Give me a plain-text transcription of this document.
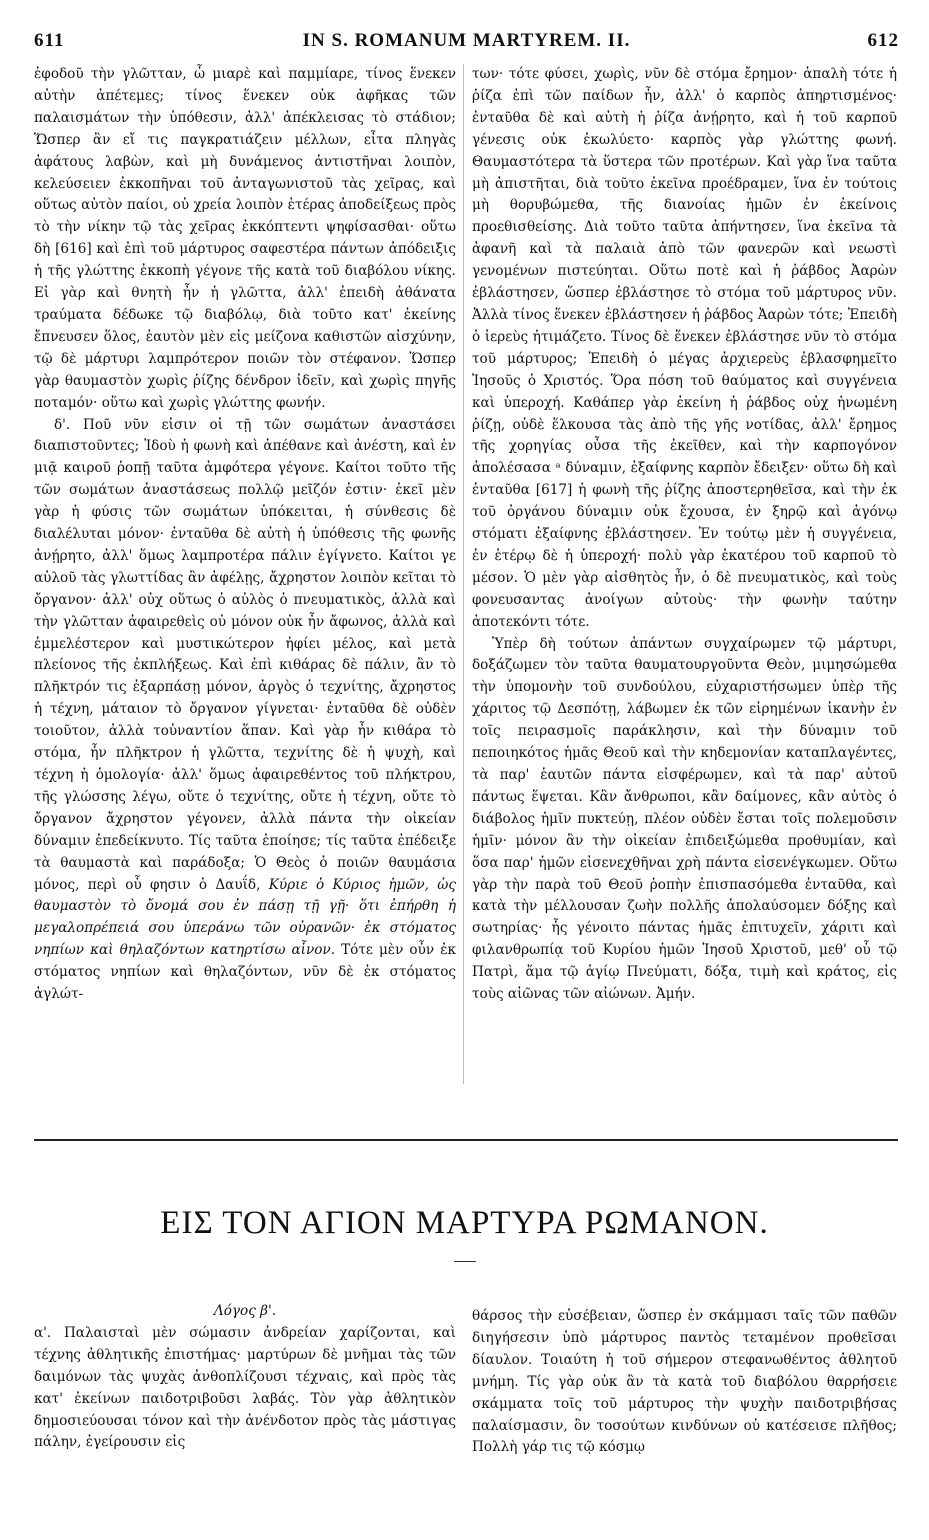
611	IN S. ROMANUM MARTYREM. II.	612

ἐφοδοῦ τὴν γλῶτταν, ὦ μιαρὲ καὶ παμμίαρε, τίνος ἕνεκεν αὐτὴν ἀπέτεμες; τίνος ἕνεκεν οὐκ ἀφῆκας τῶν παλαισμάτων τὴν ὑπόθεσιν, ἀλλ' ἀπέκλεισας τὸ στάδιον; Ὥσπερ ἂν εἴ τις παγκρατιάζειν μέλλων, εἶτα πληγὰς ἀφάτους λαβὼν, καὶ μὴ δυνάμενος ἀντιστῆναι λοιπὸν, κελεύσειεν ἐκκοπῆναι τοῦ ἀνταγωνιστοῦ τὰς χεῖρας, καὶ οὕτως αὐτὸν παίοι, οὐ χρεία λοιπὸν ἑτέρας ἀποδείξεως πρὸς τὸ τὴν νίκην τῷ τὰς χεῖρας ἐκκόπτεντι ψηφίσασθαι· οὕτω δὴ [616] καὶ ἐπὶ τοῦ μάρτυρος σαφεστέρα πάντων ἀπόδειξις ἡ τῆς γλώττης ἐκκοπὴ γέγονε τῆς κατὰ τοῦ διαβόλου νίκης. Εἰ γὰρ καὶ θνητὴ ἦν ἡ γλῶττα, ἀλλ' ἐπειδὴ ἀθάνατα τραύματα δέδωκε τῷ διαβόλῳ, διὰ τοῦτο κατ' ἐκείνης ἔπνευσεν ὅλος, ἑαυτὸν μὲν εἰς μείζονα καθιστῶν αἰσχύνην, τῷ δὲ μάρτυρι λαμπρότερον ποιῶν τὸν στέφανον. Ὥσπερ γὰρ θαυμαστὸν χωρὶς ῥίζης δένδρον ἰδεῖν, καὶ χωρὶς πηγῆς ποταμόν· οὕτω καὶ χωρὶς γλώττης φωνήν.

δ'. Ποῦ νῦν εἰσιν οἱ τῇ τῶν σωμάτων ἀναστάσει διαπιστοῦντες; Ἰδοὺ ἡ φωνὴ καὶ ἀπέθανε καὶ ἀνέστη, καὶ ἐν μιᾷ καιροῦ ῥοπῇ ταῦτα ἀμφότερα γέγονε. Καίτοι τοῦτο τῆς τῶν σωμάτων ἀναστάσεως πολλῷ μεῖζόν ἐστιν· ἐκεῖ μὲν γὰρ ἡ φύσις τῶν σωμάτων ὑπόκειται, ἡ σύνθεσις δὲ διαλέλυται μόνον· ἐνταῦθα δὲ αὐτὴ ἡ ὑπόθεσις τῆς φωνῆς ἀνῄρητο, ἀλλ' ὅμως λαμπροτέρα πάλιν ἐγίγνετο. Καίτοι γε αὐλοῦ τὰς γλωττίδας ἂν ἀφέλῃς, ἄχρηστον λοιπὸν κεῖται τὸ ὄργανον· ἀλλ' οὐχ οὕτως ὁ αὐλὸς ὁ πνευματικὸς, ἀλλὰ καὶ τὴν γλῶτταν ἀφαιρεθεὶς οὐ μόνον οὐκ ἦν ἄφωνος, ἀλλὰ καὶ ἐμμελέστερον καὶ μυστικώτερον ἠφίει μέλος, καὶ μετὰ πλείονος τῆς ἐκπλήξεως. Καὶ ἐπὶ κιθάρας δὲ πάλιν, ἂν τὸ πλῆκτρόν τις ἐξαρπάσῃ μόνον, ἀργὸς ὁ τεχνίτης, ἄχρηστος ἡ τέχνη, μάταιον τὸ ὄργανον γίγνεται· ἐνταῦθα δὲ οὐδὲν τοιοῦτον, ἀλλὰ τοὐναντίον ἅπαν. Καὶ γὰρ ἦν κιθάρα τὸ στόμα, ἦν πλῆκτρον ἡ γλῶττα, τεχνίτης δὲ ἡ ψυχὴ, καὶ τέχνη ἡ ὁμολογία· ἀλλ' ὅμως ἀφαιρεθέντος τοῦ πλήκτρου, τῆς γλώσσης λέγω, οὔτε ὁ τεχνίτης, οὔτε ἡ τέχνη, οὔτε τὸ ὄργανον ἄχρηστον γέγονεν, ἀλλὰ πάντα τὴν οἰκείαν δύναμιν ἐπεδείκνυτο. Τίς ταῦτα ἐποίησε; τίς ταῦτα ἐπέδειξε τὰ θαυμαστὰ καὶ παράδοξα; Ὁ Θεὸς ὁ ποιῶν θαυμάσια μόνος, περὶ οὗ φησιν ὁ Δαυΐδ, Κύριε ὁ Κύριος ἡμῶν, ὡς θαυμαστὸν τὸ ὄνομά σου ἐν πάσῃ τῇ γῇ· ὅτι ἐπήρθη ἡ μεγαλοπρέπειά σου ὑπεράνω τῶν οὐρανῶν· ἐκ στόματος νηπίων καὶ θηλαζόντων κατηρτίσω αἶνον. Τότε μὲν οὖν ἐκ στόματος νηπίων καὶ θηλαζόντων, νῦν δὲ ἐκ στόματος ἀγλώτ-

των· τότε φύσει, χωρὶς, νῦν δὲ στόμα ἔρημον· ἁπαλὴ τότε ἡ ῥίζα ἐπὶ τῶν παίδων ἦν, ἀλλ' ὁ καρπὸς ἀπηρτισμένος· ἐνταῦθα δὲ καὶ αὐτὴ ἡ ῥίζα ἀνῄρητο, καὶ ἡ τοῦ καρποῦ γένεσις οὐκ ἐκωλύετο· καρπὸς γὰρ γλώττης φωνή. Θαυμαστότερα τὰ ὕστερα τῶν προτέρων. Καὶ γὰρ ἵνα ταῦτα μὴ ἀπιστῆται, διὰ τοῦτο ἐκεῖνα προέδραμεν, ἵνα ἐν τούτοις μὴ θορυβώμεθα, τῆς διανοίας ἡμῶν ἐν ἐκείνοις προεθισθείσης. Διὰ τοῦτο ταῦτα ἀπήντησεν, ἵνα ἐκεῖνα τὰ ἀφανῆ καὶ τὰ παλαιὰ ἀπὸ τῶν φανερῶν καὶ νεωστὶ γενομένων πιστεύηται. Οὕτω ποτὲ καὶ ἡ ῥάβδος Ἀαρὼν ἐβλάστησεν, ὥσπερ ἐβλάστησε τὸ στόμα τοῦ μάρτυρος νῦν. Ἀλλὰ τίνος ἕνεκεν ἐβλάστησεν ἡ ῥάβδος Ἀαρὼν τότε; Ἐπειδὴ ὁ ἱερεὺς ἠτιμάζετο. Τίνος δὲ ἕνεκεν ἐβλάστησε νῦν τὸ στόμα τοῦ μάρτυρος; Ἐπειδὴ ὁ μέγας ἀρχιερεὺς ἐβλασφημεῖτο Ἰησοῦς ὁ Χριστός. Ὅρα πόση τοῦ θαύματος καὶ συγγένεια καὶ ὑπεροχή. Καθάπερ γὰρ ἐκείνη ἡ ῥάβδος οὐχ ἡνωμένη ῥίζῃ, οὐδὲ ἕλκουσα τὰς ἀπὸ τῆς γῆς νοτίδας, ἀλλ' ἔρημος τῆς χορηγίας οὖσα τῆς ἐκεῖθεν, καὶ τὴν καρπογόνον ἀπολέσασα ᵃ δύναμιν, ἐξαίφνης καρπὸν ἔδειξεν· οὕτω δὴ καὶ ἐνταῦθα [617] ἡ φωνὴ τῆς ῥίζης ἀποστερηθεῖσα, καὶ τὴν ἐκ τοῦ ὀργάνου δύναμιν οὐκ ἔχουσα, ἐν ξηρῷ καὶ ἀγόνῳ στόματι ἐξαίφνης ἐβλάστησεν. Ἐν τούτῳ μὲν ἡ συγγένεια, ἐν ἑτέρῳ δὲ ἡ ὑπεροχή· πολὺ γὰρ ἑκατέρου τοῦ καρποῦ τὸ μέσον. Ὁ μὲν γὰρ αἰσθητὸς ἦν, ὁ δὲ πνευματικὸς, καὶ τοὺς φονευσαντας ἀνοίγων αὐτοὺς· τὴν φωνὴν ταύτην ἀποτεκόντι τότε.

Ὑπὲρ δὴ τούτων ἁπάντων συγχαίρωμεν τῷ μάρτυρι, δοξάζωμεν τὸν ταῦτα θαυματουργοῦντα Θεὸν, μιμησώμεθα τὴν ὑπομονὴν τοῦ συνδούλου, εὐχαριστήσωμεν ὑπὲρ τῆς χάριτος τῷ Δεσπότῃ, λάβωμεν ἐκ τῶν εἰρημένων ἱκανὴν ἐν τοῖς πειρασμοῖς παράκλησιν, καὶ τὴν δύναμιν τοῦ πεποιηκότος ἡμᾶς Θεοῦ καὶ τὴν κηδεμονίαν καταπλαγέντες, τὰ παρ' ἑαυτῶν πάντα εἰσφέρωμεν, καὶ τὰ παρ' αὐτοῦ πάντως ἕψεται. Κἂν ἄνθρωποι, κἂν δαίμονες, κἂν αὐτὸς ὁ διάβολος ἡμῖν πυκτεύῃ, πλέον οὐδὲν ἔσται τοῖς πολεμοῦσιν ἡμῖν· μόνον ἂν τὴν οἰκείαν ἐπιδειξώμεθα προθυμίαν, καὶ ὅσα παρ' ἡμῶν εἰσενεχθῆναι χρὴ πάντα εἰσενέγκωμεν. Οὕτω γὰρ τὴν παρὰ τοῦ Θεοῦ ῥοπὴν ἐπισπασόμεθα ἐνταῦθα, καὶ κατὰ τὴν μέλλουσαν ζωὴν πολλῆς ἀπολαύσομεν δόξης καὶ σωτηρίας· ἧς γένοιτο πάντας ἡμᾶς ἐπιτυχεῖν, χάριτι καὶ φιλανθρωπίᾳ τοῦ Κυρίου ἡμῶν Ἰησοῦ Χριστοῦ, μεθ' οὗ τῷ Πατρὶ, ἅμα τῷ ἁγίῳ Πνεύματι, δόξα, τιμὴ καὶ κράτος, εἰς τοὺς αἰῶνας τῶν αἰώνων. Ἀμήν.

ΕΙΣ ΤΟΝ ΑΓΙΟΝ ΜΑΡΤΥΡΑ ΡΩΜΑΝΟΝ.

Λόγος β'.

α'. Παλαισταὶ μὲν σώμασιν ἀνδρείαν χαρίζονται, καὶ τέχνης ἀθλητικῆς ἐπιστήμας· μαρτύρων δὲ μνῆμαι τὰς τῶν δαιμόνων τὰς ψυχὰς ἀνθοπλίζουσι τέχναις, καὶ πρὸς τὰς κατ' ἐκείνων παιδοτριβοῦσι λαβάς. Τὸν γὰρ ἀθλητικὸν δημοσιεύουσαι τόνον καὶ τὴν ἀνένδοτον πρὸς τὰς μάστιγας πάλην, ἐγείρουσιν εἰς

θάρσος τὴν εὐσέβειαν, ὥσπερ ἐν σκάμμασι ταῖς τῶν παθῶν διηγήσεσιν ὑπὸ μάρτυρος παντὸς τεταμένον προθεῖσαι δίαυλον. Τοιαύτη ἡ τοῦ σήμερον στεφανωθέντος ἀθλητοῦ μνήμη. Τίς γὰρ οὐκ ἂν τὰ κατὰ τοῦ διαβόλου θαρρήσειε σκάμματα τοῖς τοῦ μάρτυρος τὴν ψυχὴν παιδοτριβήσας παλαίσμασιν, ὃν τοσούτων κινδύνων οὐ κατέσεισε πλῆθος; Πολλὴ γάρ τις τῷ κόσμῳ
